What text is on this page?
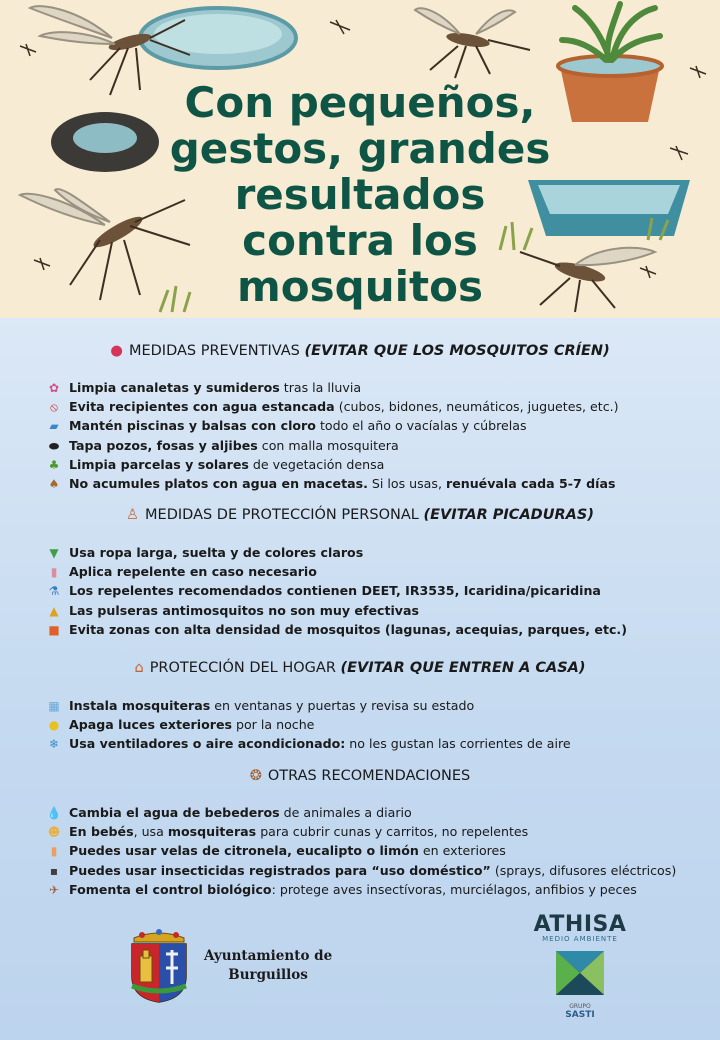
Con pequeños,
gestos, grandes
resultados
contra los
mosquitos
● MEDIDAS PREVENTIVAS (EVITAR QUE LOS MOSQUITOS CRÍEN)
✿ Limpia canaletas y sumideros tras la lluvia
⦸ Evita recipientes con agua estancada (cubos, bidones, neumáticos, juguetes, etc.)
▰ Mantén piscinas y balsas con cloro todo el año o vacíalas y cúbrelas
⬬ Tapa pozos, fosas y aljibes con malla mosquitera
♣ Limpia parcelas y solares de vegetación densa
♠ No acumules platos con agua en macetas. Si los usas, renuévala cada 5-7 días
♙ MEDIDAS DE PROTECCIÓN PERSONAL (EVITAR PICADURAS)
▼ Usa ropa larga, suelta y de colores claros
▮ Aplica repelente en caso necesario
⚗ Los repelentes recomendados contienen DEET, IR3535, Icaridina/picaridina
▲ Las pulseras antimosquitos no son muy efectivas
■ Evita zonas con alta densidad de mosquitos (lagunas, acequias, parques, etc.)
⌂ PROTECCIÓN DEL HOGAR (EVITAR QUE ENTREN A CASA)
▦ Instala mosquiteras en ventanas y puertas y revisa su estado
● Apaga luces exteriores por la noche
❄ Usa ventiladores o aire acondicionado: no les gustan las corrientes de aire
❂ OTRAS RECOMENDACIONES
💧 Cambia el agua de bebederos de animales a diario
☻ En bebés, usa mosquiteras para cubrir cunas y carritos, no repelentes
▮ Puedes usar velas de citronela, eucalipto o limón en exteriores
▪ Puedes usar insecticidas registrados para “uso doméstico” (sprays, difusores eléctricos)
✈ Fomenta el control biológico: protege aves insectívoras, murciélagos, anfibios y peces
Ayuntamiento de
Burguillos
ATHISA
MEDIO AMBIENTE
GRUPO
SASTI
